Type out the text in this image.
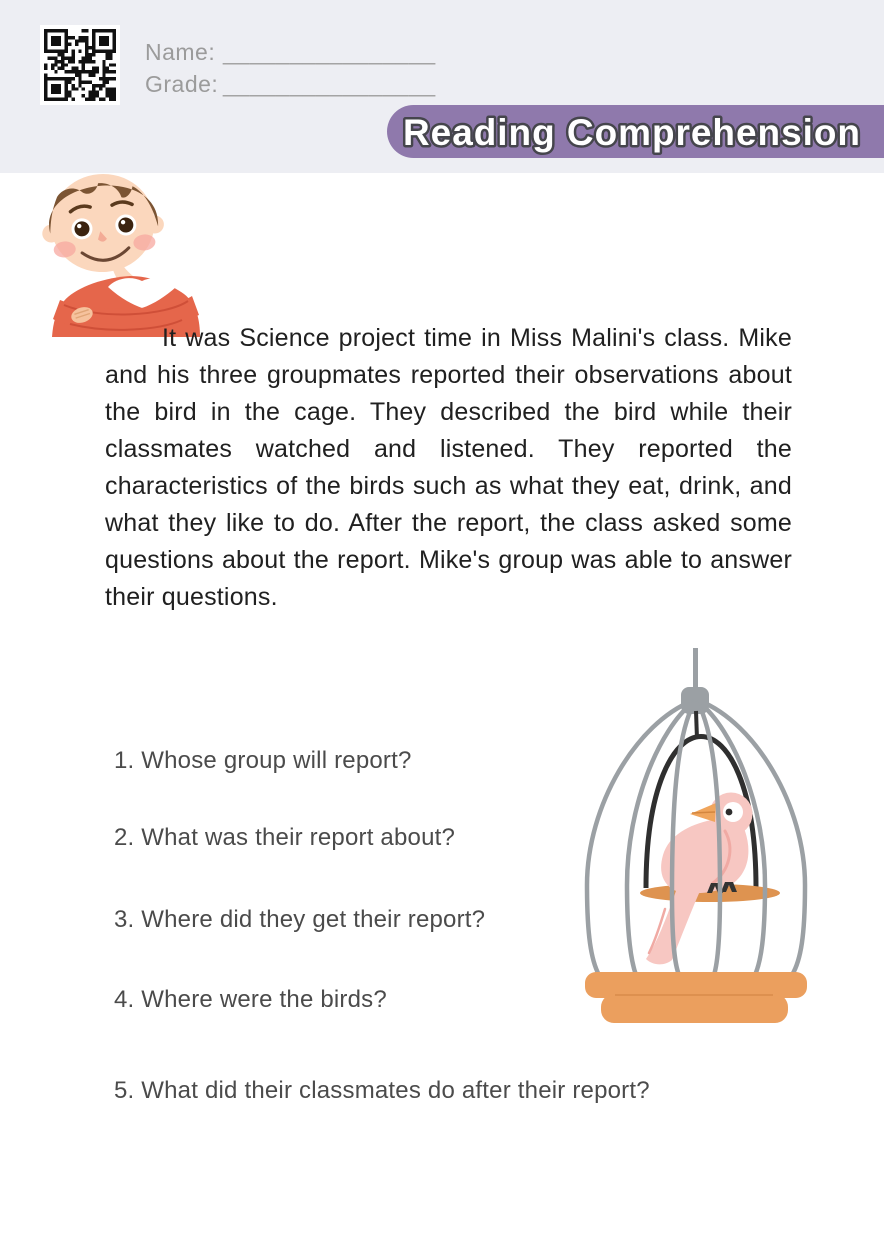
Name: ________________
Grade: ________________
Reading Comprehension

It was Science project time in Miss Malini's class. Mike and his three groupmates reported their observations about the bird in the cage. They described the bird while their classmates watched and listened. They reported the characteristics of the birds such as what they eat, drink, and what they like to do. After the report, the class asked some questions about the report. Mike's group was able to answer their questions.

1. Whose group will report?
2. What was their report about?
3. Where did they get their report?
4. Where were the birds?
5. What did their classmates do after their report?
